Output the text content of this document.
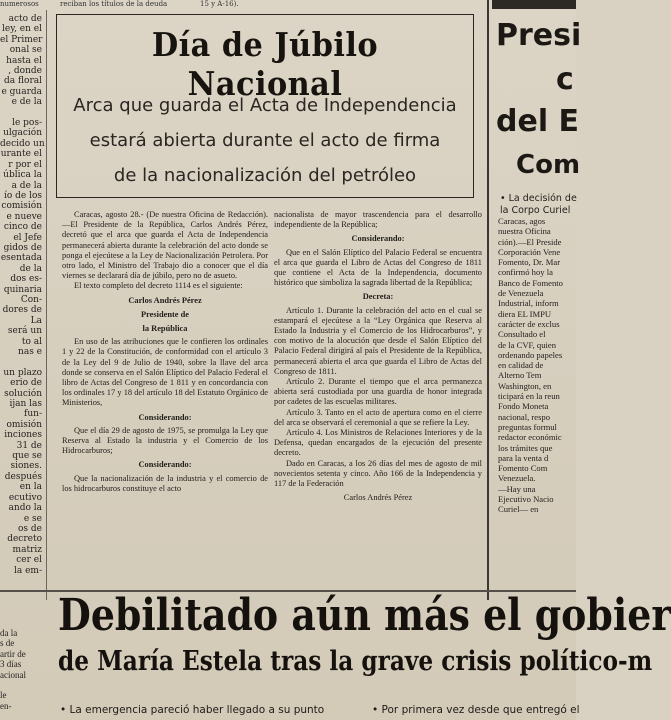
numerosos	reciban los títulos de la deuda	15 y A-16).
acto de
ley, en el
el Primer
onal se
hasta el
, donde
da floral
e guarda
e de la

le pos-
ulgación
decido un
urante el
r por el
ública la
a de la
ío de los
comisión
e nueve
cinco de
el Jefe
gidos de
esentada
de la
dos es-
quinaria
Con-
dores de
La
será un
to al
nas e

un plazo
erio de
solución
ijan las
fun-
omisión
inciones
31 de
que se
siones.
después
en la
ecutivo
ando la
e se
os de
decreto
matriz
cer el
la em-
Día de Júbilo Nacional
Arca que guarda el Acta de Independencia
estará abierta durante el acto de firma
de la nacionalización del petróleo

Caracas, agosto 28.- (De nuestra Oficina de Redacción).—El Presidente de la República, Carlos Andrés Pérez, decretó que el arca que guarda el Acta de Independencia permanecerá abierta durante la celebración del acto donde se ponga el ejecútese a la Ley de Nacionalización Petrolera. Por otro lado, el Ministro del Trabajo dio a conocer que el día viernes se declarará día de júbilo, pero no de asueto.

El texto completo del decreto 1114 es el siguiente:

Carlos Andrés Pérez

Presidente de

la República

En uso de las atribuciones que le confieren los ordinales 1 y 22 de la Constitución, de conformidad con el artículo 3 de la Ley del 9 de Julio de 1940, sobre la llave del arca donde se conserva en el Salón Elíptico del Palacio Federal el libro de Actas del Congreso de 1 811 y en concordancia con los ordinales 17 y 18 del artículo 18 del Estatuto Orgánico de Ministerios,

Considerando:

Que el día 29 de agosto de 1975, se promulga la Ley que Reserva al Estado la industria y el Comercio de los Hidrocarburos;

Considerando:

Que la nacionalización de la industria y el comercio de los hidrocarburos constituye el acto

nacionalista de mayor trascendencia para el desarrollo independiente de la República;

Considerando:

Que en el Salón Elíptico del Palacio Federal se encuentra el arca que guarda el Libro de Actas del Congreso de 1811 que contiene el Acta de la Independencia, documento histórico que simboliza la sagrada libertad de la República;

Decreta:

Artículo 1. Durante la celebración del acto en el cual se estampará el ejecútese a la “Ley Orgánica que Reserva al Estado la Industria y el Comercio de los Hidrocarburos”, y con motivo de la alocución que desde el Salón Elíptico del Palacio Federal dirigirá al país el Presidente de la República, permanecerá abierta el arca que guarda el Libro de Actas del Congreso de 1811.

Artículo 2. Durante el tiempo que el arca permanezca abierta será custodiada por una guardia de honor integrada por cadetes de las escuelas militares.

Artículo 3. Tanto en el acto de apertura como en el cierre del arca se observará el ceremonial a que se refiere la Ley.

Artículo 4. Los Ministros de Relaciones Interiores y de la Defensa, quedan encargados de la ejecución del presente decreto.

Dado en Caracas, a los 26 días del mes de agosto de mil novecientos setenta y cinco. Año 166 de la Independencia y 117 de la Federación

Carlos Andrés Pérez

Presi
c
del E
Com
• La decisión de la Corpo Curiel
Caracas, agos
nuestra Oficina
ción).—El Preside
Corporación Vene
Fomento, Dr. Mar
confirmó hoy la
Banco de Fomento
de Venezuela
Industrial, inform
diera EL IMPU
carácter de exclus
Consultado el
de la CVF, quien
ordenando papeles
en calidad de
Alterno Tem
Washington, en
ticipará en la reun
Fondo Moneta
nacional, respo
preguntas formul
redactor económic
los trámites que
para la venta d
Fomento Com
Venezuela.
—Hay una
Ejecutivo Nacio
Curiel— en
da la
s de
artir de
3 días
acional

le
en-
Debilitado aún más el gobier
de María Estela tras la grave crisis político-m
• La emergencia pareció haber llegado a su punto	• Por primera vez desde que entregó el
